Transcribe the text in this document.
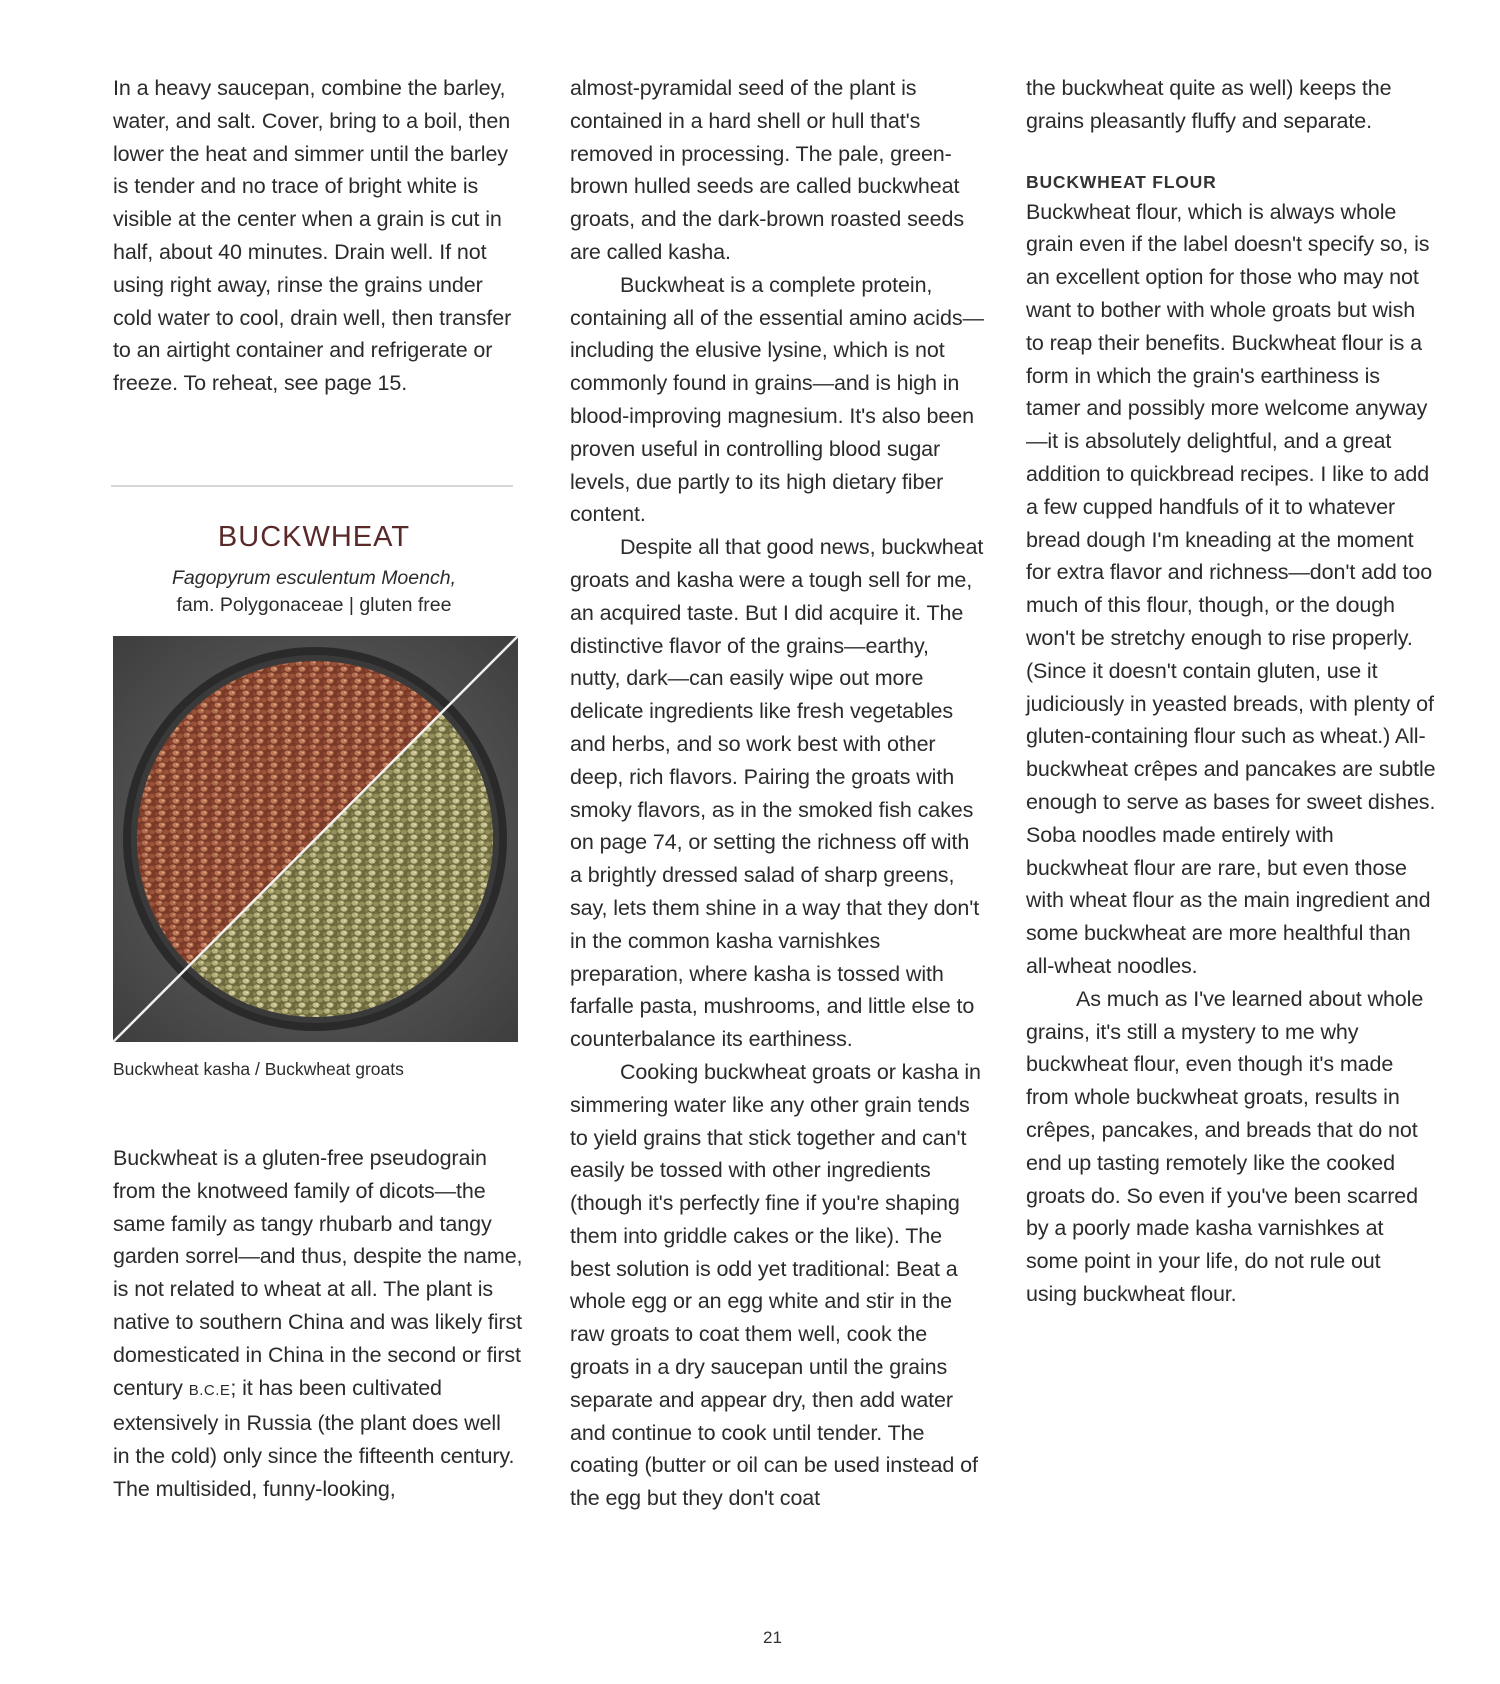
In a heavy saucepan, combine the barley, water, and salt. Cover, bring to a boil, then lower the heat and simmer until the barley is tender and no trace of bright white is visible at the center when a grain is cut in half, about 40 minutes. Drain well. If not using right away, rinse the grains under cold water to cool, drain well, then transfer to an airtight container and refrigerate or freeze. To reheat, see page 15.

BUCKWHEAT
Fagopyrum esculentum Moench,
fam. Polygonaceae | gluten free
Buckwheat kasha / Buckwheat groats

Buckwheat is a gluten-free pseudograin from the knotweed family of dicots—the same family as tangy rhubarb and tangy garden sorrel—and thus, despite the name, is not related to wheat at all. The plant is native to southern China and was likely first domesticated in China in the second or first century B.C.E; it has been cultivated extensively in Russia (the plant does well in the cold) only since the fifteenth century. The multisided, funny-looking,

almost-pyramidal seed of the plant is contained in a hard shell or hull that's removed in processing. The pale, green-brown hulled seeds are called buckwheat groats, and the dark-brown roasted seeds are called kasha.

Buckwheat is a complete protein, containing all of the essential amino acids—including the elusive lysine, which is not commonly found in grains—and is high in blood-improving magnesium. It's also been proven useful in controlling blood sugar levels, due partly to its high dietary fiber content.

Despite all that good news, buckwheat groats and kasha were a tough sell for me, an acquired taste. But I did acquire it. The distinctive flavor of the grains—earthy, nutty, dark—can easily wipe out more delicate ingredients like fresh vegetables and herbs, and so work best with other deep, rich flavors. Pairing the groats with smoky flavors, as in the smoked fish cakes on page 74, or setting the richness off with a brightly dressed salad of sharp greens, say, lets them shine in a way that they don't in the common kasha varnishkes preparation, where kasha is tossed with farfalle pasta, mushrooms, and little else to counterbalance its earthiness.

Cooking buckwheat groats or kasha in simmering water like any other grain tends to yield grains that stick together and can't easily be tossed with other ingredients (though it's perfectly fine if you're shaping them into griddle cakes or the like). The best solution is odd yet traditional: Beat a whole egg or an egg white and stir in the raw groats to coat them well, cook the groats in a dry saucepan until the grains separate and appear dry, then add water and continue to cook until tender. The coating (butter or oil can be used instead of the egg but they don't coat

the buckwheat quite as well) keeps the grains pleasantly fluffy and separate.

BUCKWHEAT FLOUR

Buckwheat flour, which is always whole grain even if the label doesn't specify so, is an excellent option for those who may not want to bother with whole groats but wish to reap their benefits. Buckwheat flour is a form in which the grain's earthiness is tamer and possibly more welcome anyway—it is absolutely delightful, and a great addition to quickbread recipes. I like to add a few cupped handfuls of it to whatever bread dough I'm kneading at the moment for extra flavor and richness—don't add too much of this flour, though, or the dough won't be stretchy enough to rise properly. (Since it doesn't contain gluten, use it judiciously in yeasted breads, with plenty of gluten-containing flour such as wheat.) All-buckwheat crêpes and pancakes are subtle enough to serve as bases for sweet dishes. Soba noodles made entirely with buckwheat flour are rare, but even those with wheat flour as the main ingredient and some buckwheat are more healthful than all-wheat noodles.

As much as I've learned about whole grains, it's still a mystery to me why buckwheat flour, even though it's made from whole buckwheat groats, results in crêpes, pancakes, and breads that do not end up tasting remotely like the cooked groats do. So even if you've been scarred by a poorly made kasha varnishkes at some point in your life, do not rule out using buckwheat flour.

21
